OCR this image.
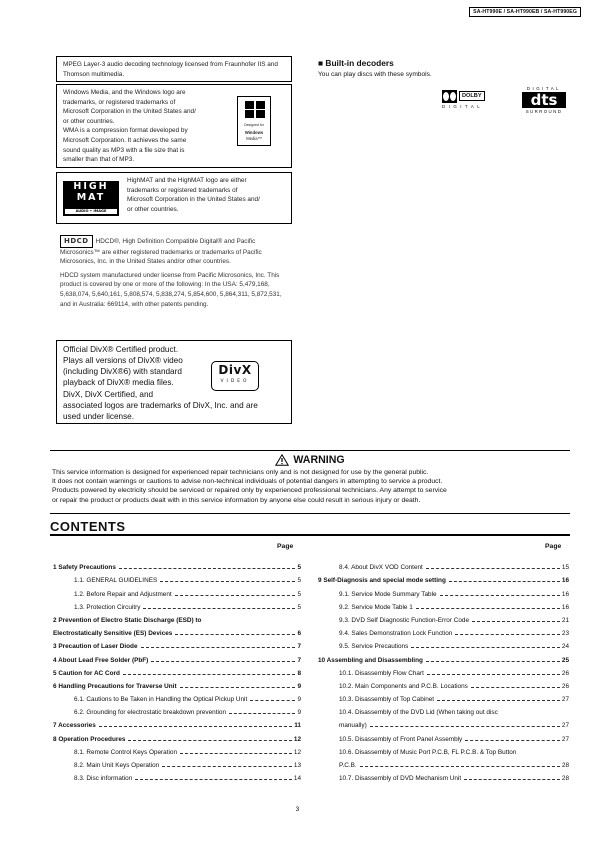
SA-HT990E / SA-HT990EB / SA-HT990EG

MPEG Layer-3 audio decoding technology licensed from Fraunhofer IIS and Thomson multimedia.

Windows Media, and the Windows logo are

trademarks, or registered trademarks of

Microsoft Corporation in the United States and/

or other countries.

WMA is a compression format developed by

Microsoft Corporation. It achieves the same

sound quality as MP3 with a file size that is

smaller than that of MP3.

Designed for
Windows
Media™
HIGH
MAT
AUDIO • IMAGE

HighMAT and the HighMAT logo are either

trademarks or registered trademarks of

Microsoft Corporation in the United States and/

or other countries.

HDCD HDCD®, High Definition Compatible Digital® and Pacific Microsonics™ are either registered trademarks or trademarks of Pacific Microsonics, Inc. in the United States and/or other countries.

HDCD system manufactured under license from Pacific Microsonics, Inc. This product is covered by one or more of the following: In the USA: 5,479,168, 5,638,074, 5,640,161, 5,808,574, 5,838,274, 5,854,600, 5,864,311, 5,872,531, and in Australia: 669114, with other patents pending.

Official DivX® Certified product.

Plays all versions of DivX® video

(including DivX®6) with standard

playback of DivX® media files.

DivX, DivX Certified, and

associated logos are trademarks of DivX, Inc. and are

used under license.

DivX
VIDEO
■ Built-in decoders
You can play discs with these symbols.
DOLBY
DIGITAL
DIGITAL
dts
SURROUND
WARNING
This service information is designed for experienced repair technicians only and is not designed for use by the general public.
It does not contain warnings or cautions to advise non-technical individuals of potential dangers in attempting to service a product.
Products powered by electricity should be serviced or repaired only by experienced professional technicians. Any attempt to service
or repair the product or products dealt with in this service information by anyone else could result in serious injury or death.
CONTENTS
Page	Page
1 Safety Precautions	5
1.1. GENERAL GUIDELINES	5
1.2. Before Repair and Adjustment	5
1.3. Protection Circuitry	5
2 Prevention of Electro Static Discharge (ESD) to
Electrostatically Sensitive (ES) Devices	6
3 Precaution of Laser Diode	7
4 About Lead Free Solder (PbF)	7
5 Caution for AC Cord	8
6 Handling Precautions for Traverse Unit	9
6.1. Cautions to Be Taken in Handling the Optical Pickup Unit	9
6.2. Grounding for electrostatic breakdown prevention	9
7 Accessories	11
8 Operation Procedures	12
8.1. Remote Control Keys Operation	12
8.2. Main Unit Keys Operation	13
8.3. Disc information	14
8.4. About DivX VOD Content	15
9 Self-Diagnosis and special mode setting	16
9.1. Service Mode Summary Table	16
9.2. Service Mode Table 1	16
9.3. DVD Self Diagnostic Function-Error Code	21
9.4. Sales Demonstration Lock Function	23
9.5. Service Precautions	24
10 Assembling and Disassembling	25
10.1. Disassembly Flow Chart	26
10.2. Main Components and P.C.B. Locations	26
10.3. Disassembly of Top Cabinet	27
10.4. Disassembly of the DVD Lid (When taking out disc
manually)	27
10.5. Disassembly of Front Panel Assembly	27
10.6. Disassembly of Music Port P.C.B, FL P.C.B. & Top Button
P.C.B.	28
10.7. Disassembly of DVD Mechanism Unit	28
3
